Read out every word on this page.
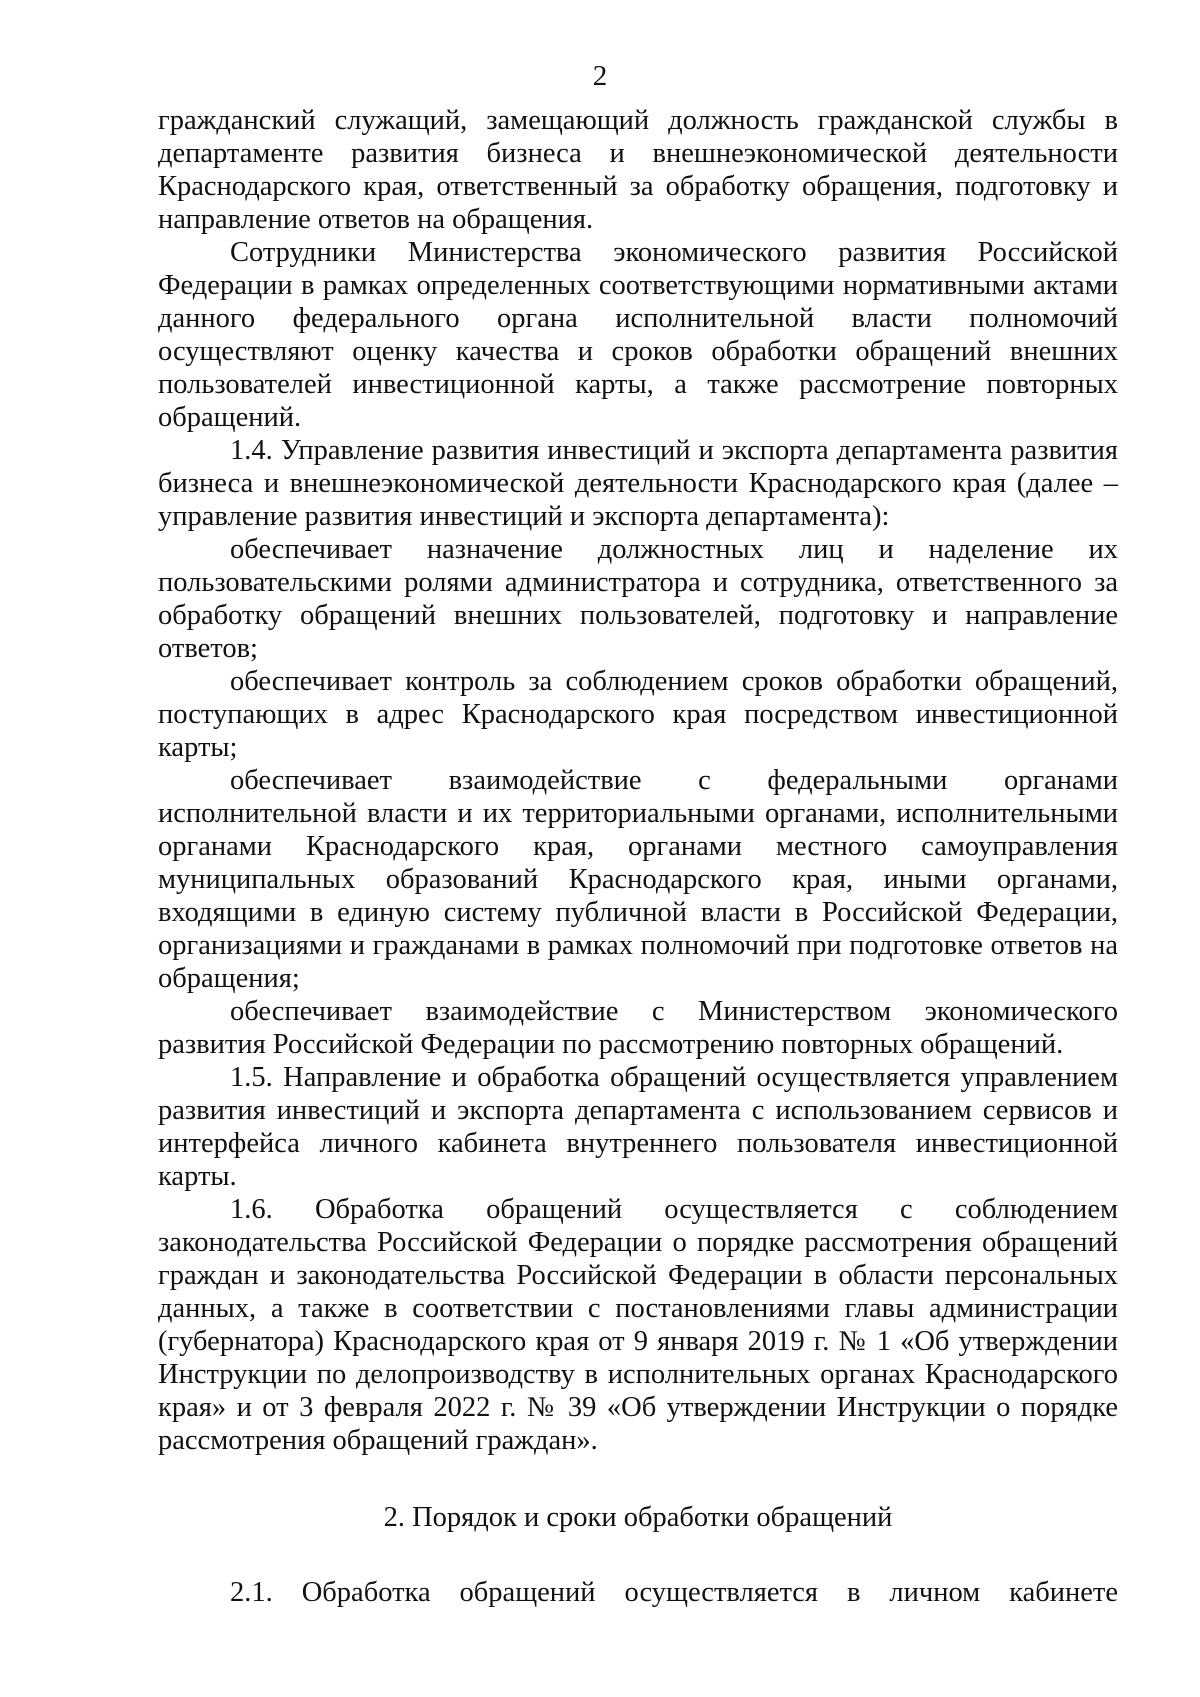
2

гражданский служащий, замещающий должность гражданской службы в департаменте развития бизнеса и внешнеэкономической деятельности Краснодарского края, ответственный за обработку обращения, подготовку и направление ответов на обращения.

Сотрудники Министерства экономического развития Российской Федерации в рамках определенных соответствующими нормативными актами данного федерального органа исполнительной власти полномочий осуществляют оценку качества и сроков обработки обращений внешних пользователей инвестиционной карты, а также рассмотрение повторных обращений.

1.4. Управление развития инвестиций и экспорта департамента развития бизнеса и внешнеэкономической деятельности Краснодарского края (далее – управление развития инвестиций и экспорта департамента):

обеспечивает назначение должностных лиц и наделение их пользовательскими ролями администратора и сотрудника, ответственного за обработку обращений внешних пользователей, подготовку и направление ответов;

обеспечивает контроль за соблюдением сроков обработки обращений, поступающих в адрес Краснодарского края посредством инвестиционной карты;

обеспечивает взаимодействие с федеральными органами исполнительной власти и их территориальными органами, исполнительными органами Краснодарского края, органами местного самоуправления муниципальных образований Краснодарского края, иными органами, входящими в единую систему публичной власти в Российской Федерации, организациями и гражданами в рамках полномочий при подготовке ответов на обращения;

обеспечивает взаимодействие с Министерством экономического развития Российской Федерации по рассмотрению повторных обращений.

1.5. Направление и обработка обращений осуществляется управлением развития инвестиций и экспорта департамента с использованием сервисов и интерфейса личного кабинета внутреннего пользователя инвестиционной карты.

1.6. Обработка обращений осуществляется с соблюдением законодательства Российской Федерации о порядке рассмотрения обращений граждан и законодательства Российской Федерации в области персональных данных, а также в соответствии с постановлениями главы администрации (губернатора) Краснодарского края от 9 января 2019 г. № 1 «Об утверждении Инструкции по делопроизводству в исполнительных органах Краснодарского края» и от 3 февраля 2022 г. № 39 «Об утверждении Инструкции о порядке рассмотрения обращений граждан».

2. Порядок и сроки обработки обращений

2.1. Обработка обращений осуществляется в личном кабинете
